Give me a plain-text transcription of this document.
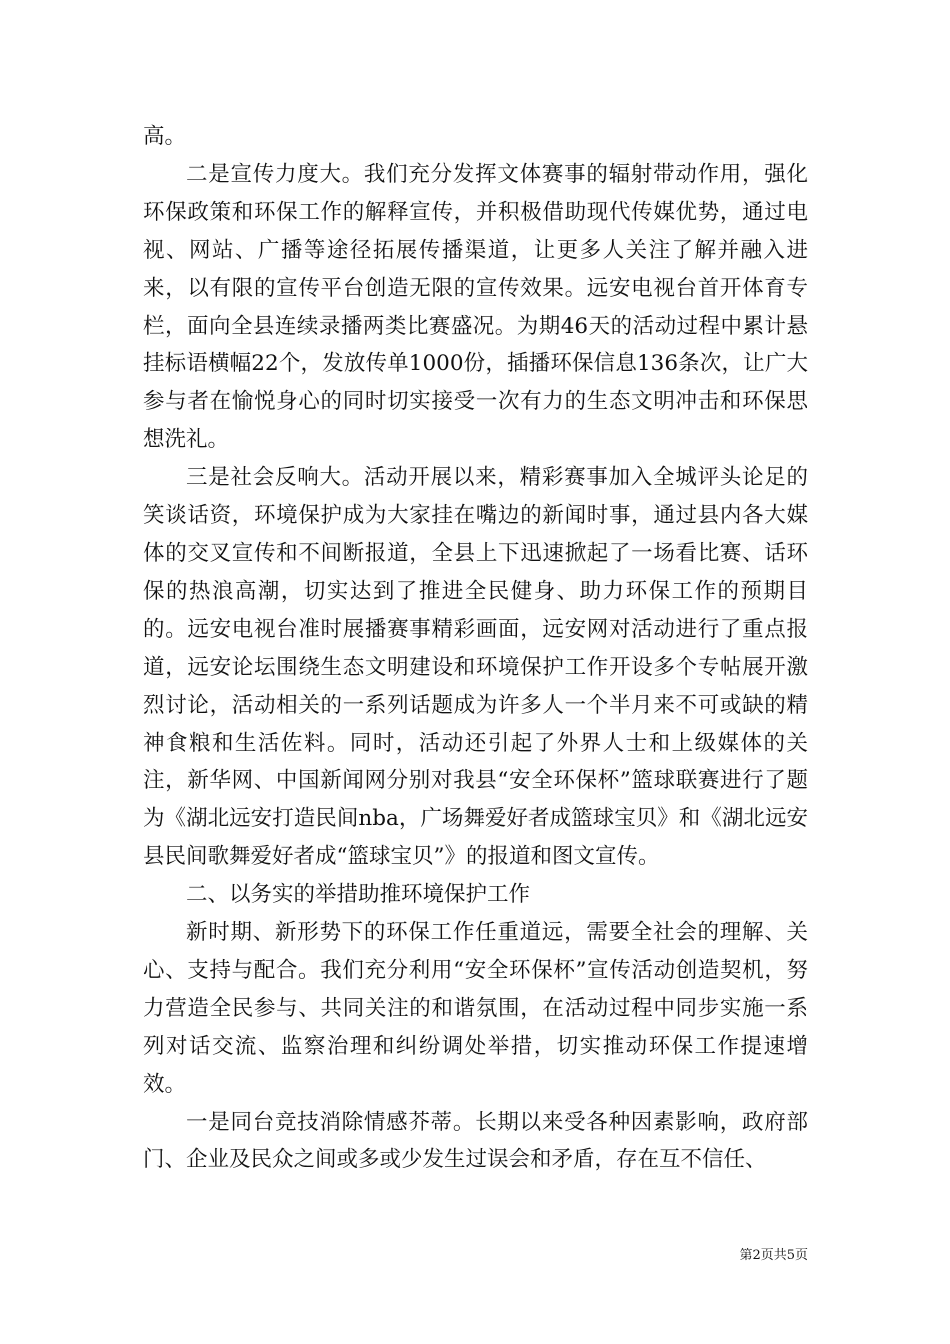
高。

二是宣传力度大。我们充分发挥文体赛事的辐射带动作用，强化环保政策和环保工作的解释宣传，并积极借助现代传媒优势，通过电视、网站、广播等途径拓展传播渠道，让更多人关注了解并融入进来，以有限的宣传平台创造无限的宣传效果。远安电视台首开体育专栏，面向全县连续录播两类比赛盛况。为期46天的活动过程中累计悬挂标语横幅22个，发放传单1000份，插播环保信息136条次，让广大参与者在愉悦身心的同时切实接受一次有力的生态文明冲击和环保思想洗礼。

三是社会反响大。活动开展以来，精彩赛事加入全城评头论足的笑谈话资，环境保护成为大家挂在嘴边的新闻时事，通过县内各大媒体的交叉宣传和不间断报道，全县上下迅速掀起了一场看比赛、话环保的热浪高潮，切实达到了推进全民健身、助力环保工作的预期目的。远安电视台准时展播赛事精彩画面，远安网对活动进行了重点报道，远安论坛围绕生态文明建设和环境保护工作开设多个专帖展开激烈讨论，活动相关的一系列话题成为许多人一个半月来不可或缺的精神食粮和生活佐料。同时，活动还引起了外界人士和上级媒体的关注，新华网、中国新闻网分别对我县“安全环保杯”篮球联赛进行了题为《湖北远安打造民间nba，广场舞爱好者成篮球宝贝》和《湖北远安县民间歌舞爱好者成“篮球宝贝”》的报道和图文宣传。

二、以务实的举措助推环境保护工作

新时期、新形势下的环保工作任重道远，需要全社会的理解、关心、支持与配合。我们充分利用“安全环保杯”宣传活动创造契机，努力营造全民参与、共同关注的和谐氛围，在活动过程中同步实施一系列对话交流、监察治理和纠纷调处举措，切实推动环保工作提速增效。

一是同台竞技消除情感芥蒂。长期以来受各种因素影响，政府部门、企业及民众之间或多或少发生过误会和矛盾，存在互不信任、

第2页共5页
